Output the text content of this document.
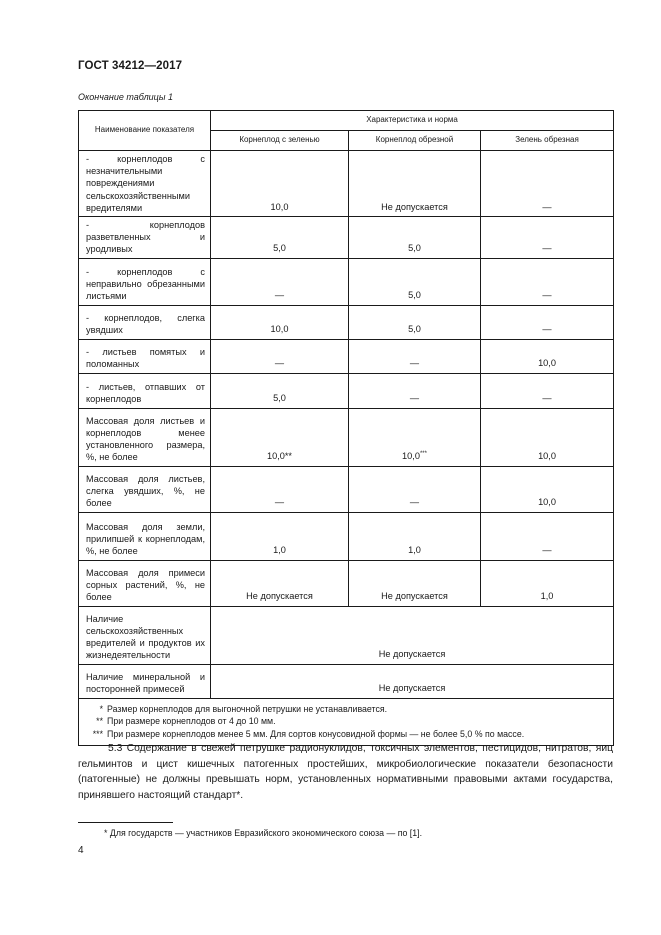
ГОСТ 34212—2017
Окончание таблицы 1
Наименование показателя	Характеристика и норма		
	Корнеплод с зеленью	Корнеплод обрезной	Зелень обрезная
- корнеплодов с незначительными повреждениями сельскохозяйственными вредителями	10,0	Не допускается	—
- корнеплодов разветвленных и уродливых	5,0	5,0	—
- корнеплодов с неправильно обрезанными листьями	—	5,0	—
- корнеплодов, слегка увядших	10,0	5,0	—
- листьев помятых и поломанных	—	—	10,0
- листьев, отпавших от корнеплодов	5,0	—	—
Массовая доля листьев и корнеплодов менее установленного размера, %, не более	10,0**	10,0***	10,0
Массовая доля листьев, слегка увядших, %, не более	—	—	10,0
Массовая доля земли, прилипшей к корнеплодам, %, не более	1,0	1,0	—
Массовая доля примеси сорных растений, %, не более	Не допускается	Не допускается	1,0
Наличие сельскохозяйственных вредителей и продуктов их жизнедеятельности	Не допускается		
Наличие минеральной и посторонней примесей	Не допускается		

* Размер корнеплодов для выгоночной петрушки не устанавливается.
** При размере корнеплодов от 4 до 10 мм.
*** При размере корнеплодов менее 5 мм. Для сортов конусовидной формы — не более 5,0 % по массе.			
5.3 Содержание в свежей петрушке радионуклидов, токсичных элементов, пестицидов, нитратов, яиц гельминтов и цист кишечных патогенных простейших, микробиологические показатели безопасности (патогенные) не должны превышать норм, установленных нормативными правовыми актами государства, принявшего настоящий стандарт*.
* Для государств — участников Евразийского экономического союза — по [1].
4
